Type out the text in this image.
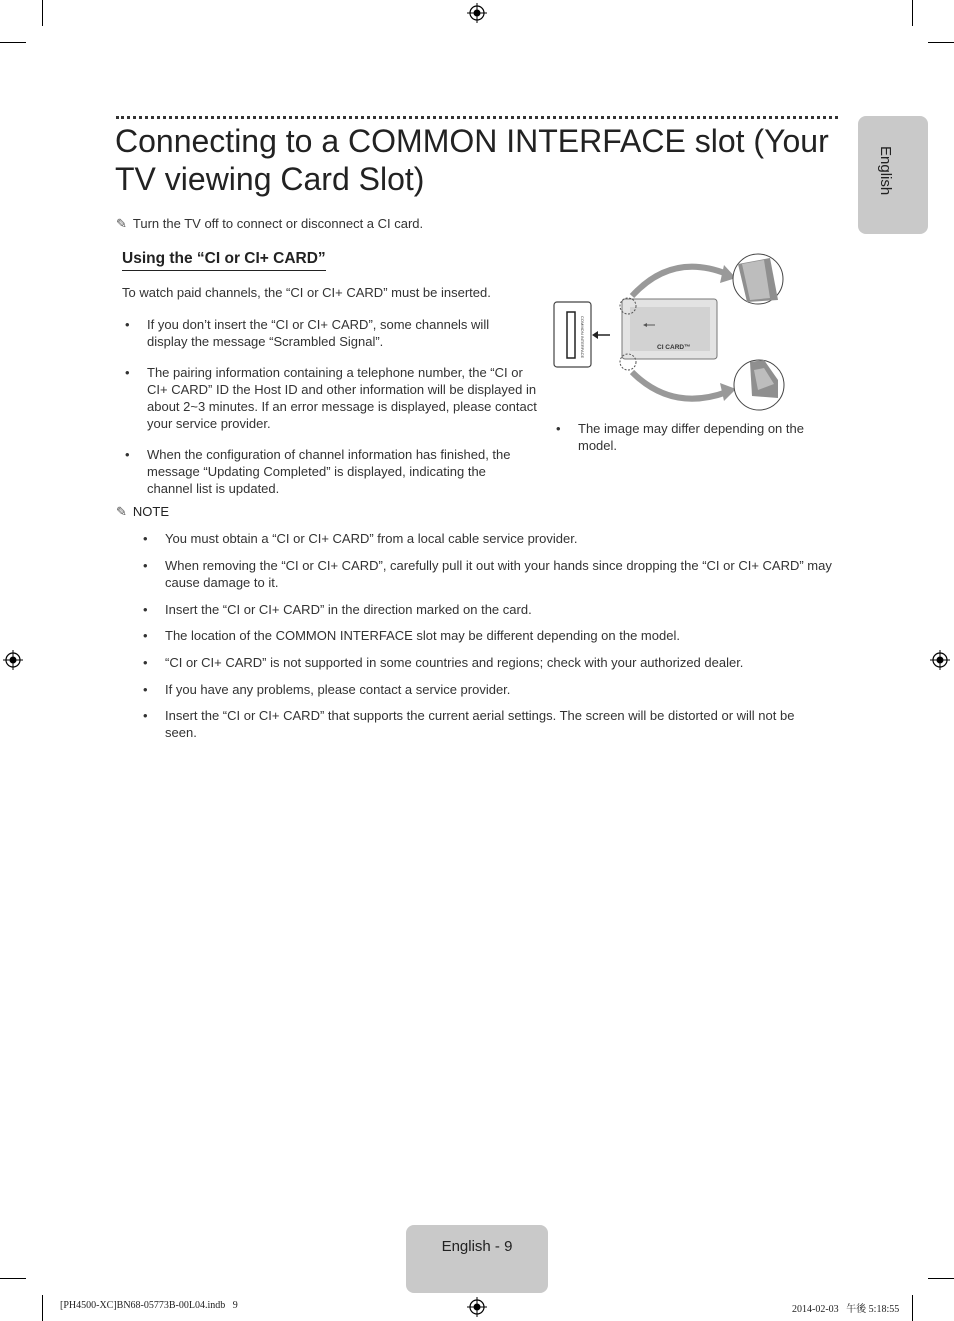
Connecting to a COMMON INTERFACE slot (Your TV viewing Card Slot)	English
✎ Turn the TV off to connect or disconnect a CI card.
Using the “CI or CI+ CARD”
To watch paid channels, the “CI or CI+ CARD” must be inserted.
• If you don’t insert the “CI or CI+ CARD”, some channels will display the message “Scrambled Signal”.
• The pairing information containing a telephone number, the “CI or CI+ CARD” ID the Host ID and other information will be displayed in about 2~3 minutes. If an error message is displayed, please contact your service provider.
• When the configuration of channel information has finished, the message “Updating Completed” is displayed, indicating the channel list is updated.
COMMON INTERFACE	CI CARD™
• The image may differ depending on the model.
✎ NOTE
• You must obtain a “CI or CI+ CARD” from a local cable service provider.
• When removing the “CI or CI+ CARD”, carefully pull it out with your hands since dropping the “CI or CI+ CARD” may cause damage to it.
• Insert the “CI or CI+ CARD” in the direction marked on the card.
• The location of the COMMON INTERFACE slot may be different depending on the model.
• “CI or CI+ CARD” is not supported in some countries and regions; check with your authorized dealer.
• If you have any problems, please contact a service provider.
• Insert the “CI or CI+ CARD” that supports the current aerial settings. The screen will be distorted or will not be seen.
English - 9
[PH4500-XC]BN68-05773B-00L04.indb   9	2014-02-03   午後 5:18:55
